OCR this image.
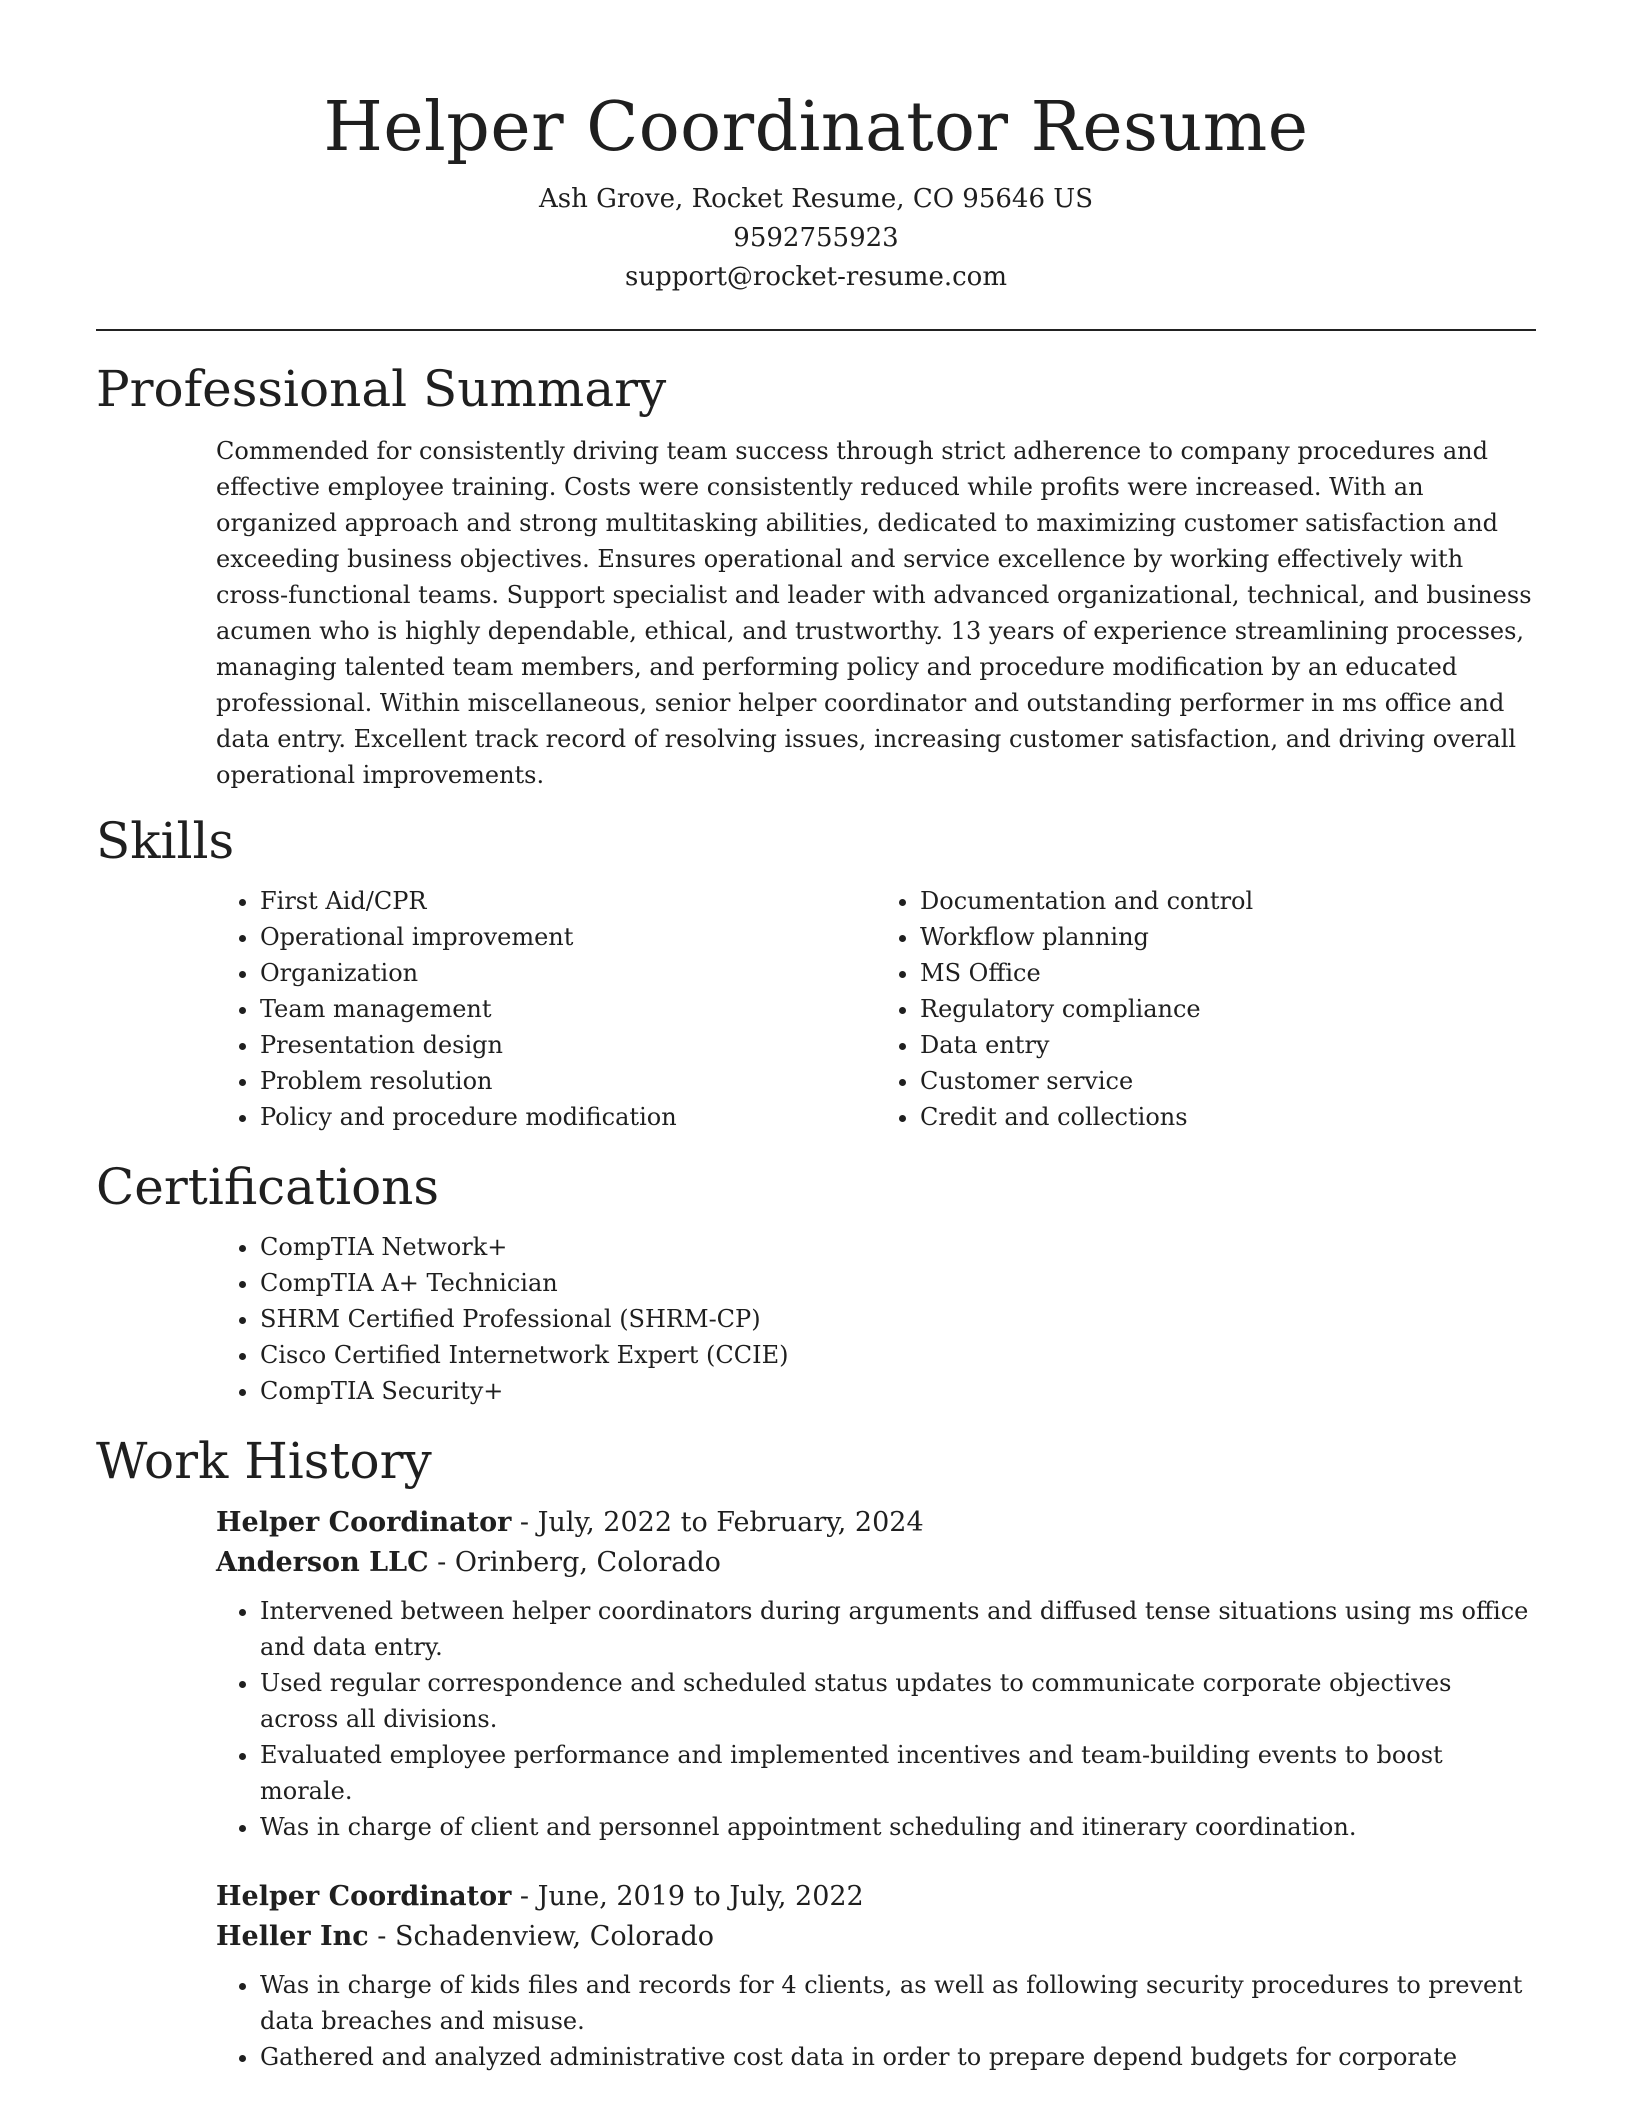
Helper Coordinator Resume
Ash Grove, Rocket Resume, CO 95646 US
9592755923
support@rocket-resume.com
Professional Summary

Commended for consistently driving team success through strict adherence to company procedures and effective employee training. Costs were consistently reduced while profits were increased. With an organized approach and strong multitasking abilities, dedicated to maximizing customer satisfaction and exceeding business objectives. Ensures operational and service excellence by working effectively with cross-functional teams. Support specialist and leader with advanced organizational, technical, and business acumen who is highly dependable, ethical, and trustworthy. 13 years of experience streamlining processes, managing talented team members, and performing policy and procedure modification by an educated professional. Within miscellaneous, senior helper coordinator and outstanding performer in ms office and data entry. Excellent track record of resolving issues, increasing customer satisfaction, and driving overall operational improvements.

Skills
• First Aid/CPR
• Operational improvement
• Organization
• Team management
• Presentation design
• Problem resolution
• Policy and procedure modification
• Documentation and control
• Workflow planning
• MS Office
• Regulatory compliance
• Data entry
• Customer service
• Credit and collections
Certifications
• CompTIA Network+
• CompTIA A+ Technician
• SHRM Certified Professional (SHRM-CP)
• Cisco Certified Internetwork Expert (CCIE)
• CompTIA Security+
Work History
Helper Coordinator - July, 2022 to February, 2024
Anderson LLC - Orinberg, Colorado
• Intervened between helper coordinators during arguments and diffused tense situations using ms office and data entry.
• Used regular correspondence and scheduled status updates to communicate corporate objectives across all divisions.
• Evaluated employee performance and implemented incentives and team-building events to boost morale.
• Was in charge of client and personnel appointment scheduling and itinerary coordination.
Helper Coordinator - June, 2019 to July, 2022
Heller Inc - Schadenview, Colorado
• Was in charge of kids files and records for 4 clients, as well as following security procedures to prevent data breaches and misuse.
• Gathered and analyzed administrative cost data in order to prepare depend budgets for corporate
